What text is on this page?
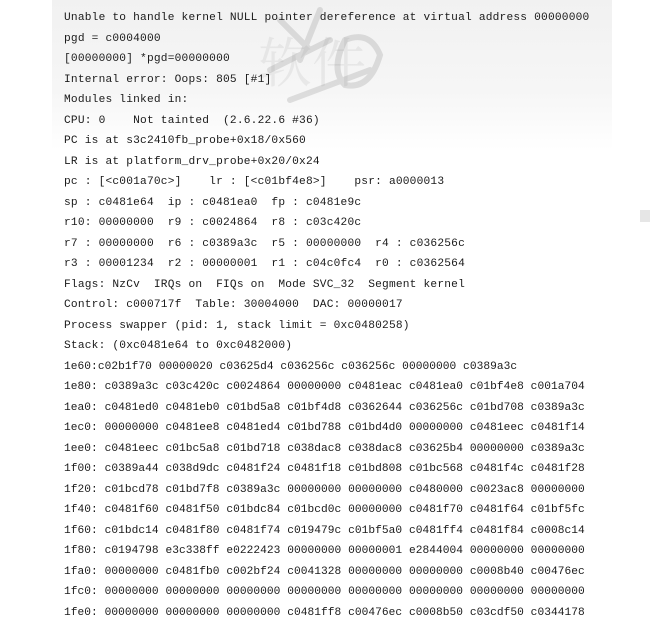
Unable to handle kernel NULL pointer dereference at virtual address 00000000
pgd = c0004000
[00000000] *pgd=00000000
Internal error: Oops: 805 [#1]
Modules linked in:
CPU: 0    Not tainted  (2.6.22.6 #36)
PC is at s3c2410fb_probe+0x18/0x560
LR is at platform_drv_probe+0x20/0x24
pc : [<c001a70c>]    lr : [<c01bf4e8>]    psr: a0000013
sp : c0481e64  ip : c0481ea0  fp : c0481e9c
r10: 00000000  r9 : c0024864  r8 : c03c420c
r7 : 00000000  r6 : c0389a3c  r5 : 00000000  r4 : c036256c
r3 : 00001234  r2 : 00000001  r1 : c04c0fc4  r0 : c0362564
Flags: NzCv  IRQs on  FIQs on  Mode SVC_32  Segment kernel
Control: c000717f  Table: 30004000  DAC: 00000017
Process swapper (pid: 1, stack limit = 0xc0480258)
Stack: (0xc0481e64 to 0xc0482000)
1e60:c02b1f70 00000020 c03625d4 c036256c c036256c 00000000 c0389a3c
1e80: c0389a3c c03c420c c0024864 00000000 c0481eac c0481ea0 c01bf4e8 c001a704
1ea0: c0481ed0 c0481eb0 c01bd5a8 c01bf4d8 c0362644 c036256c c01bd708 c0389a3c
1ec0: 00000000 c0481ee8 c0481ed4 c01bd788 c01bd4d0 00000000 c0481eec c0481f14
1ee0: c0481eec c01bc5a8 c01bd718 c038dac8 c038dac8 c03625b4 00000000 c0389a3c
1f00: c0389a44 c038d9dc c0481f24 c0481f18 c01bd808 c01bc568 c0481f4c c0481f28
1f20: c01bcd78 c01bd7f8 c0389a3c 00000000 00000000 c0480000 c0023ac8 00000000
1f40: c0481f60 c0481f50 c01bdc84 c01bcd0c 00000000 c0481f70 c0481f64 c01bf5fc
1f60: c01bdc14 c0481f80 c0481f74 c019479c c01bf5a0 c0481ff4 c0481f84 c0008c14
1f80: c0194798 e3c338ff e0222423 00000000 00000001 e2844004 00000000 00000000
1fa0: 00000000 c0481fb0 c002bf24 c0041328 00000000 00000000 c0008b40 c00476ec
1fc0: 00000000 00000000 00000000 00000000 00000000 00000000 00000000 00000000
1fe0: 00000000 00000000 00000000 c0481ff8 c00476ec c0008b50 c03cdf50 c0344178
